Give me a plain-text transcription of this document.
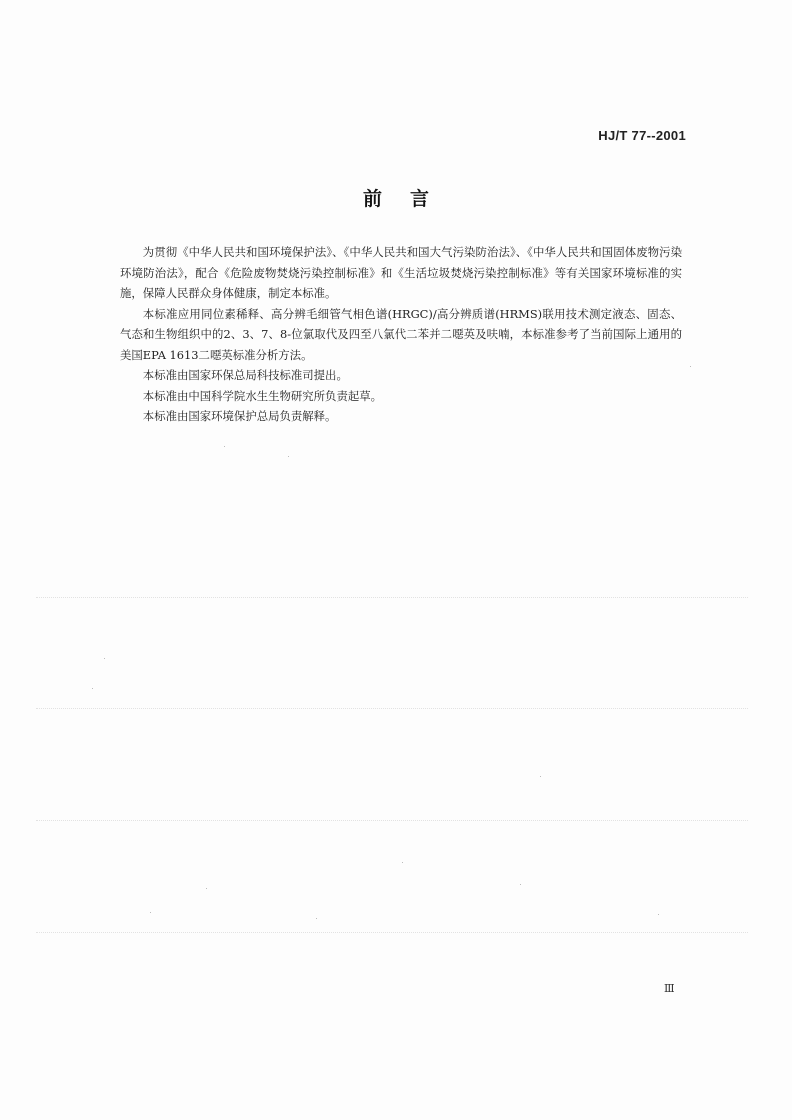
HJ/T 77--2001
前言

为贯彻《中华人民共和国环境保护法》、《中华人民共和国大气污染防治法》、《中华人民共和国固体废物污染环境防治法》，配合《危险废物焚烧污染控制标准》和《生活垃圾焚烧污染控制标准》等有关国家环境标准的实施，保障人民群众身体健康，制定本标准。

本标准应用同位素稀释、高分辨毛细管气相色谱(HRGC)/高分辨质谱(HRMS)联用技术测定液态、固态、气态和生物组织中的2、3、7、8-位氯取代及四至八氯代二苯并二噁英及呋喃，本标准参考了当前国际上通用的美国EPA 1613二噁英标准分析方法。

本标准由国家环保总局科技标准司提出。

本标准由中国科学院水生生物研究所负责起草。

本标准由国家环境保护总局负责解释。

Ⅲ
